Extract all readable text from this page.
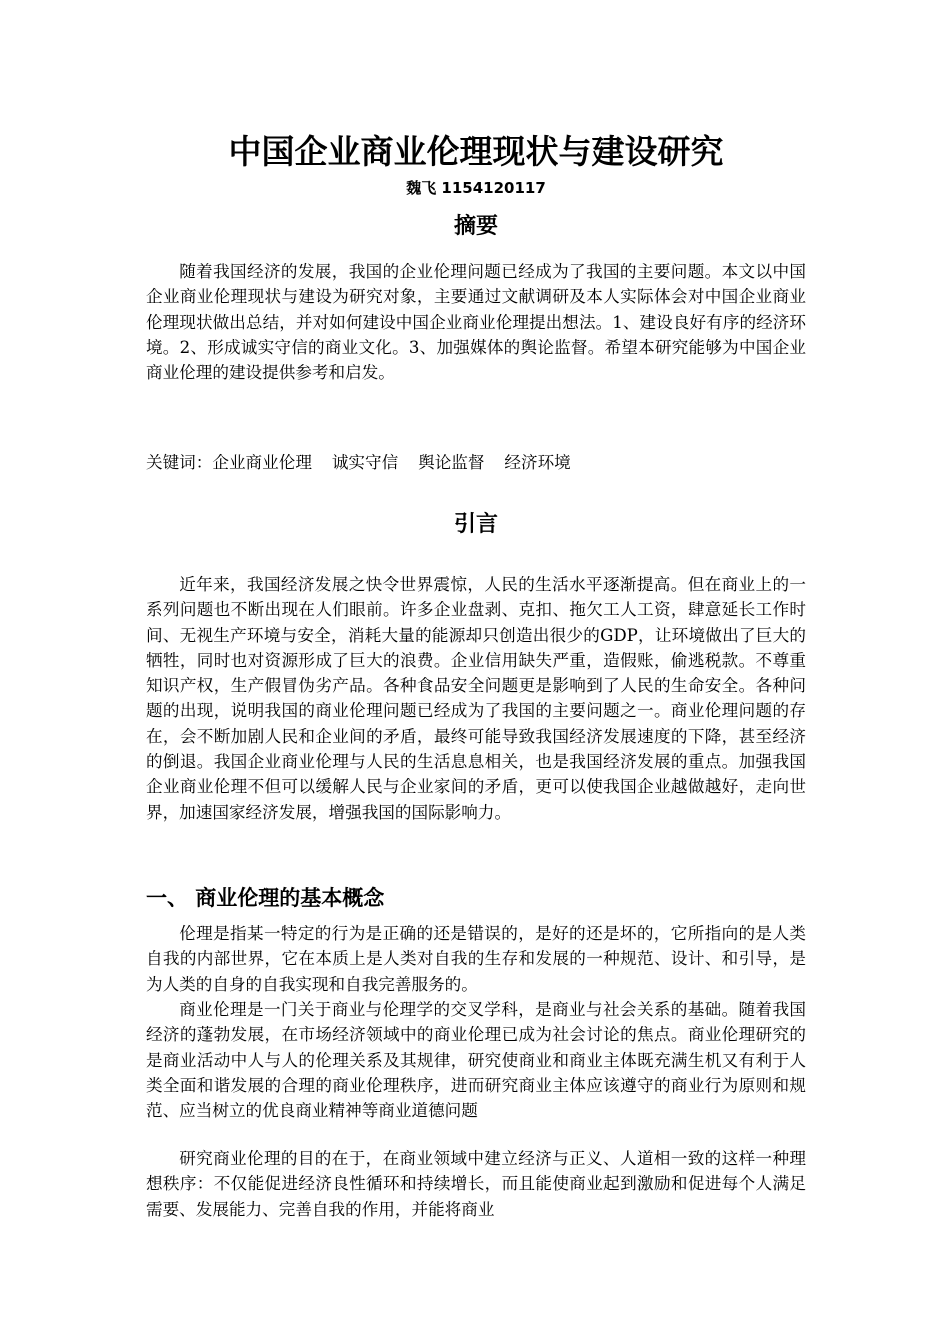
中国企业商业伦理现状与建设研究
魏飞 1154120117
摘要

随着我国经济的发展，我国的企业伦理问题已经成为了我国的主要问题。本文以中国企业商业伦理现状与建设为研究对象，主要通过文献调研及本人实际体会对中国企业商业伦理现状做出总结，并对如何建设中国企业商业伦理提出想法。1、建设良好有序的经济环境。2、形成诚实守信的商业文化。3、加强媒体的舆论监督。希望本研究能够为中国企业商业伦理的建设提供参考和启发。

关键词：企业商业伦理 诚实守信 舆论监督 经济环境
引言

近年来，我国经济发展之快令世界震惊，人民的生活水平逐渐提高。但在商业上的一系列问题也不断出现在人们眼前。许多企业盘剥、克扣、拖欠工人工资，肆意延长工作时间、无视生产环境与安全，消耗大量的能源却只创造出很少的GDP，让环境做出了巨大的牺牲，同时也对资源形成了巨大的浪费。企业信用缺失严重，造假账，偷逃税款。不尊重知识产权，生产假冒伪劣产品。各种食品安全问题更是影响到了人民的生命安全。各种问题的出现，说明我国的商业伦理问题已经成为了我国的主要问题之一。商业伦理问题的存在，会不断加剧人民和企业间的矛盾，最终可能导致我国经济发展速度的下降，甚至经济的倒退。我国企业商业伦理与人民的生活息息相关，也是我国经济发展的重点。加强我国企业商业伦理不但可以缓解人民与企业家间的矛盾，更可以使我国企业越做越好，走向世界，加速国家经济发展，增强我国的国际影响力。

一、 商业伦理的基本概念

伦理是指某一特定的行为是正确的还是错误的，是好的还是坏的，它所指向的是人类自我的内部世界，它在本质上是人类对自我的生存和发展的一种规范、设计、和引导，是为人类的自身的自我实现和自我完善服务的。

商业伦理是一门关于商业与伦理学的交叉学科，是商业与社会关系的基础。随着我国经济的蓬勃发展，在市场经济领域中的商业伦理已成为社会讨论的焦点。商业伦理研究的是商业活动中人与人的伦理关系及其规律，研究使商业和商业主体既充满生机又有利于人类全面和谐发展的合理的商业伦理秩序，进而研究商业主体应该遵守的商业行为原则和规范、应当树立的优良商业精神等商业道德问题

研究商业伦理的目的在于，在商业领域中建立经济与正义、人道相一致的这样一种理想秩序：不仅能促进经济良性循环和持续增长，而且能使商业起到激励和促进每个人满足需要、发展能力、完善自我的作用，并能将商业
